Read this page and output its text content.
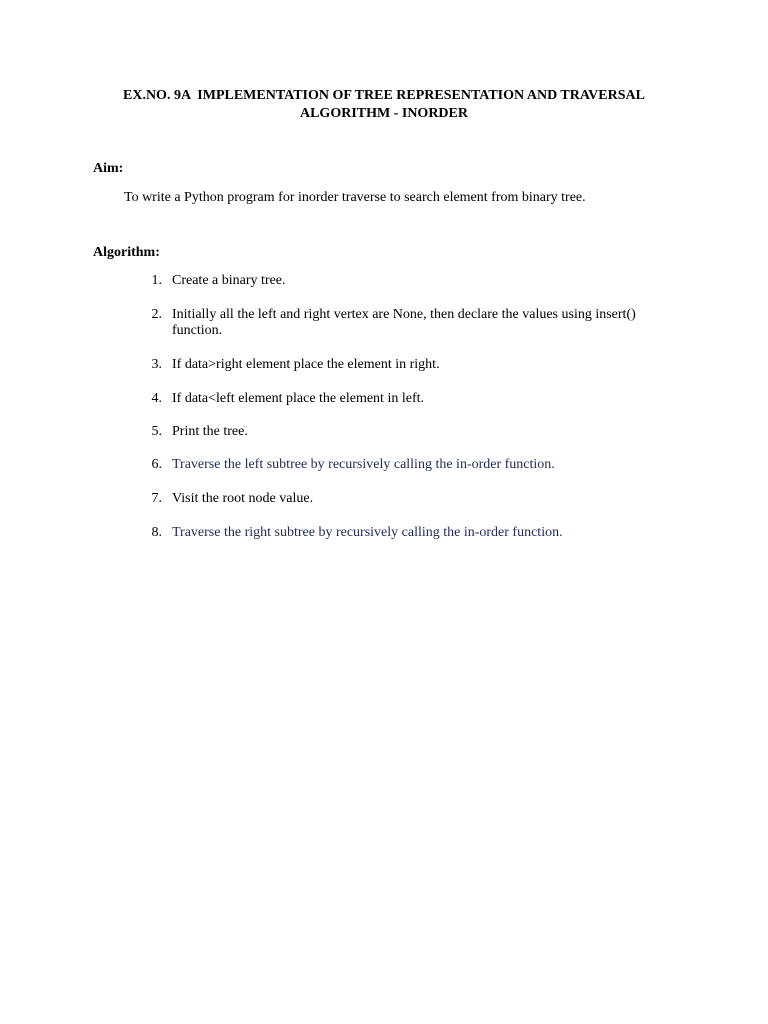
EX.NO. 9A  IMPLEMENTATION OF TREE REPRESENTATION AND TRAVERSAL
ALGORITHM - INORDER
Aim:

To write a Python program for inorder traverse to search element from binary tree.

Algorithm:
1. Create a binary tree.
2. Initially all the left and right vertex are None, then declare the values using insert() function.
3. If data>right element place the element in right.
4. If data<left element place the element in left.
5. Print the tree.
6. Traverse the left subtree by recursively calling the in-order function.
7. Visit the root node value.
8. Traverse the right subtree by recursively calling the in-order function.
